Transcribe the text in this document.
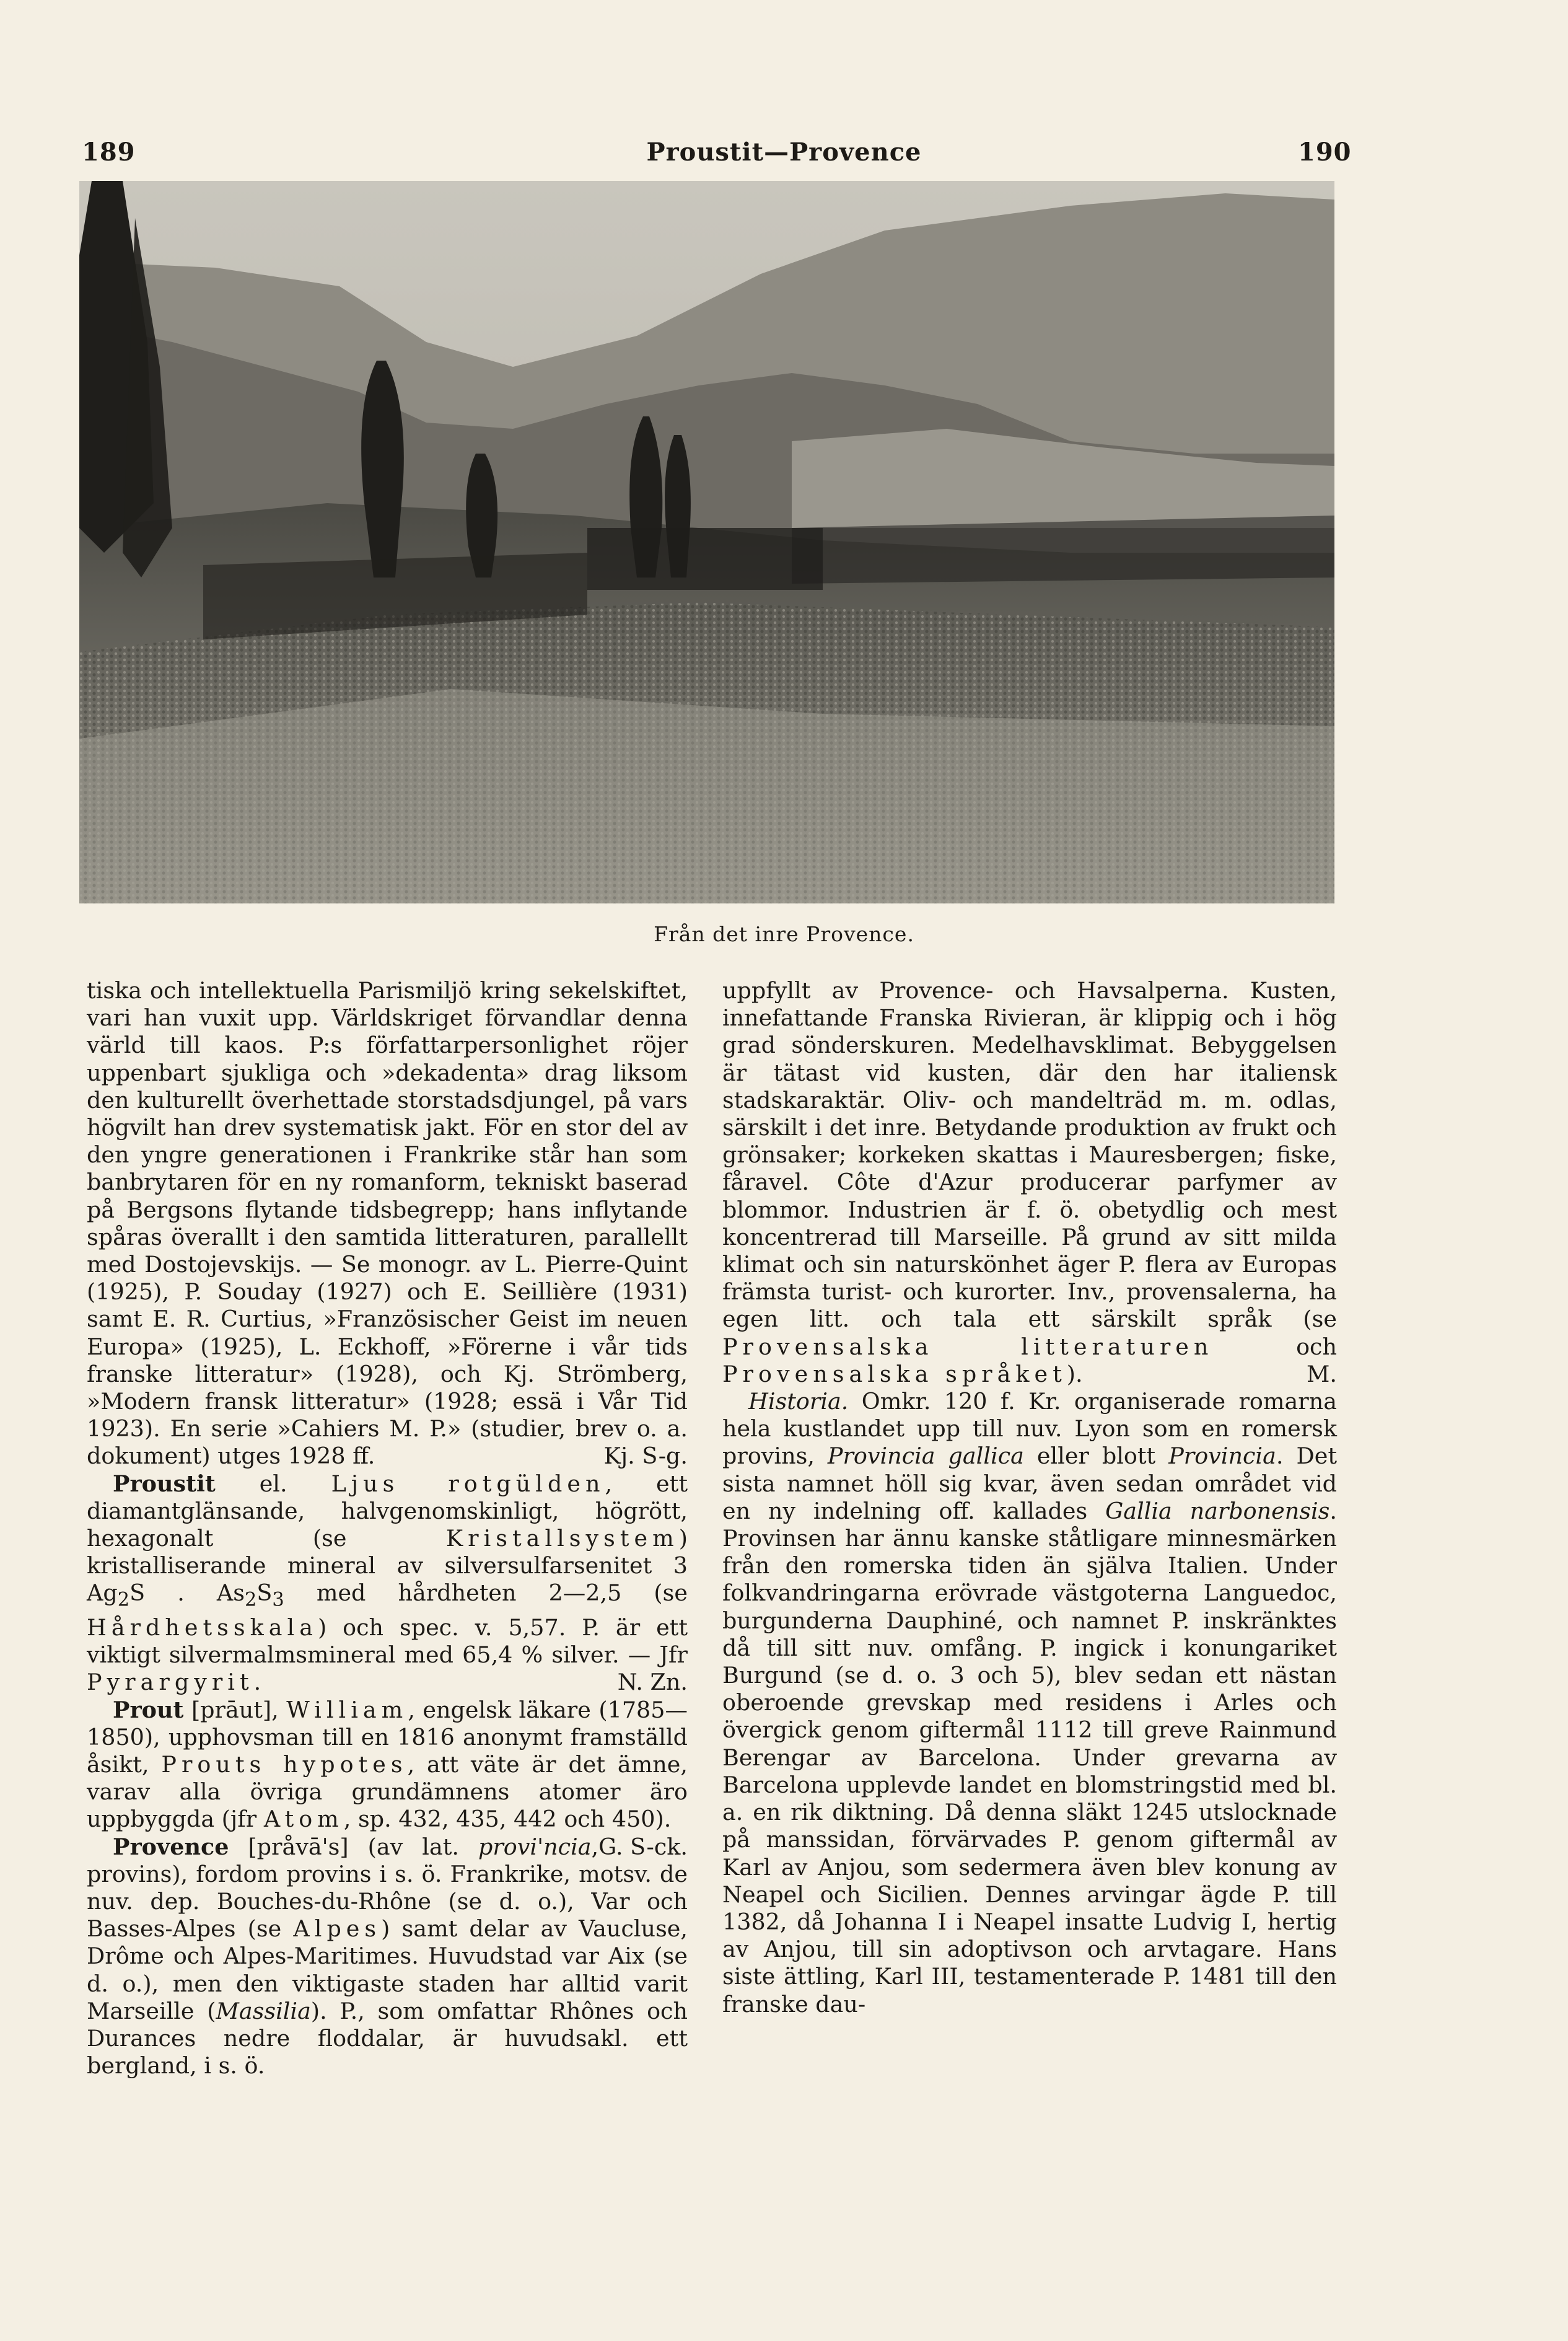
189	Proustit—Provence	190
Från det inre Provence.

tiska och intellektuella Parismiljö kring sekelskiftet, vari han vuxit upp. Världskriget förvandlar denna värld till kaos. P:s författarpersonlighet röjer uppenbart sjukliga och »dekadenta» drag liksom den kulturellt överhettade storstadsdjungel, på vars högvilt han drev systematisk jakt. För en stor del av den yngre generationen i Frankrike står han som banbrytaren för en ny romanform, tekniskt baserad på Bergsons flytande tidsbegrepp; hans inflytande spåras överallt i den samtida litteraturen, parallellt med Dostojevskijs. — Se monogr. av L. Pierre-Quint (1925), P. Souday (1927) och E. Seillière (1931) samt E. R. Curtius, »Französischer Geist im neuen Europa» (1925), L. Eckhoff, »Förerne i vår tids franske litteratur» (1928), och Kj. Strömberg, »Modern fransk litteratur» (1928; essä i Vår Tid 1923). En serie »Cahiers M. P.» (studier, brev o. a. dokument) utges 1928 ff.	Kj. S-g.

Proustit el. Ljus rotgülden, ett diamantglänsande, halvgenomskinligt, högrött, hexagonalt (se Kristallsystem) kristalliserande mineral av silversulfarsenitet 3 $Ag_2S$ . $As_2S_3$ med hårdheten 2—2,5 (se Hårdhetsskala) och spec. v. 5,57. P. är ett viktigt silvermalmsmineral med 65,4 % silver. — Jfr Pyrargyrit.	N. Zn.

Prout [prāut], William, engelsk läkare (1785—1850), upphovsman till en 1816 anonymt framställd åsikt, Prouts hypotes, att väte är det ämne, varav alla övriga grundämnens atomer äro uppbyggda (jfr Atom, sp. 432, 435, 442 och 450).
G. S-ck.

Provence [pråvā's] (av lat. provi'ncia, provins), fordom provins i s. ö. Frankrike, motsv. de nuv. dep. Bouches-du-Rhône (se d. o.), Var och Basses-Alpes (se Alpes) samt delar av Vaucluse, Drôme och Alpes-Maritimes. Huvudstad var Aix (se d. o.), men den viktigaste staden har alltid varit Marseille (Massilia). P., som omfattar Rhônes och Durances nedre floddalar, är huvudsakl. ett bergland, i s. ö.

uppfyllt av Provence- och Havsalperna. Kusten, innefattande Franska Rivieran, är klippig och i hög grad sönderskuren. Medelhavsklimat. Bebyggelsen är tätast vid kusten, där den har italiensk stadskaraktär. Oliv- och mandelträd m. m. odlas, särskilt i det inre. Betydande produktion av frukt och grönsaker; korkeken skattas i Mauresbergen; fiske, fåravel. Côte d'Azur producerar parfymer av blommor. Industrien är f. ö. obetydlig och mest koncentrerad till Marseille. På grund av sitt milda klimat och sin naturskönhet äger P. flera av Europas främsta turist- och kurorter. Inv., provensalerna, ha egen litt. och tala ett särskilt språk (se Provensalska litteraturen och Provensalska språket).	M.

Historia. Omkr. 120 f. Kr. organiserade romarna hela kustlandet upp till nuv. Lyon som en romersk provins, Provincia gallica eller blott Provincia. Det sista namnet höll sig kvar, även sedan området vid en ny indelning off. kallades Gallia narbonensis. Provinsen har ännu kanske ståtligare minnesmärken från den romerska tiden än själva Italien. Under folkvandringarna erövrade västgoterna Languedoc, burgunderna Dauphiné, och namnet P. inskränktes då till sitt nuv. omfång. P. ingick i konungariket Burgund (se d. o. 3 och 5), blev sedan ett nästan oberoende grevskap med residens i Arles och övergick genom giftermål 1112 till greve Rainmund Berengar av Barcelona. Under grevarna av Barcelona upplevde landet en blomstringstid med bl. a. en rik diktning. Då denna släkt 1245 utslocknade på manssidan, förvärvades P. genom giftermål av Karl av Anjou, som sedermera även blev konung av Neapel och Sicilien. Dennes arvingar ägde P. till 1382, då Johanna I i Neapel insatte Ludvig I, hertig av Anjou, till sin adoptivson och arvtagare. Hans siste ättling, Karl III, testamenterade P. 1481 till den franske dau-
